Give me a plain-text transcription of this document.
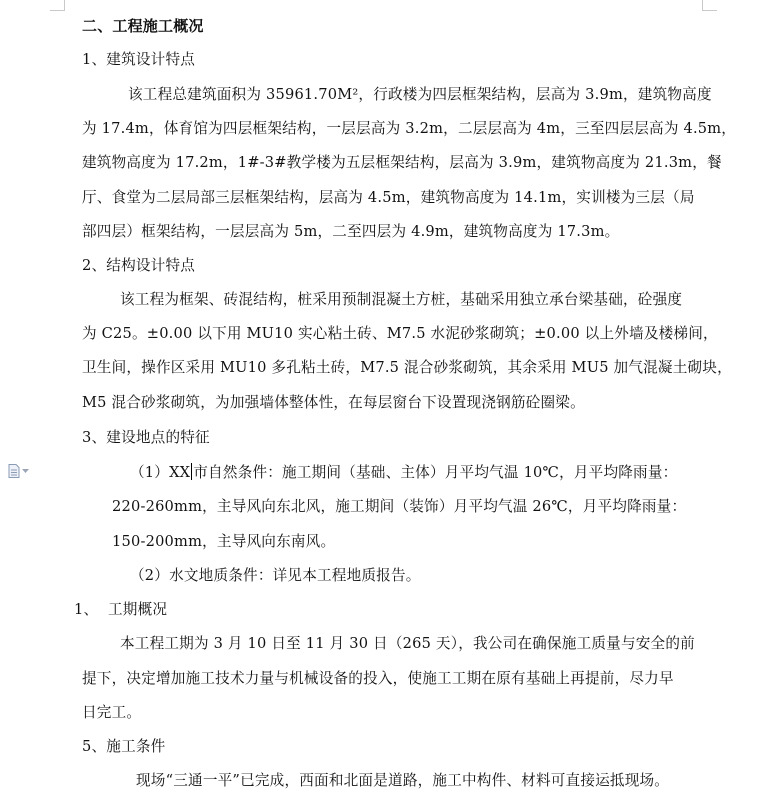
二、工程施工概况
1、建筑设计特点
该工程总建筑面积为 35961.70M²，行政楼为四层框架结构，层高为 3.9m，建筑物高度
为 17.4m，体育馆为四层框架结构，一层层高为 3.2m，二层层高为 4m，三至四层层高为 4.5m，
建筑物高度为 17.2m，1#-3#教学楼为五层框架结构，层高为 3.9m，建筑物高度为 21.3m，餐
厅、食堂为二层局部三层框架结构，层高为 4.5m，建筑物高度为 14.1m，实训楼为三层（局
部四层）框架结构，一层层高为 5m，二至四层为 4.9m，建筑物高度为 17.3m。
2、结构设计特点
该工程为框架、砖混结构，桩采用预制混凝土方桩，基础采用独立承台梁基础，砼强度
为 C25。±0.00 以下用 MU10 实心粘土砖、M7.5 水泥砂浆砌筑；±0.00 以上外墙及楼梯间，
卫生间，操作区采用 MU10 多孔粘土砖，M7.5 混合砂浆砌筑，其余采用 MU5 加气混凝土砌块，
M5 混合砂浆砌筑，为加强墙体整体性，在每层窗台下设置现浇钢筋砼圈梁。
3、建设地点的特征
（1）XX 市自然条件：施工期间（基础、主体）月平均气温 10℃，月平均降雨量：
220-260mm，主导风向东北风，施工期间（装饰）月平均气温 26℃，月平均降雨量：
150-200mm，主导风向东南风。
（2）水文地质条件：详见本工程地质报告。
1、 工期概况
本工程工期为 3 月 10 日至 11 月 30 日（265 天），我公司在确保施工质量与安全的前
提下，决定增加施工技术力量与机械设备的投入，使施工工期在原有基础上再提前，尽力早
日完工。
5、施工条件
现场“三通一平”已完成，西面和北面是道路，施工中构件、材料可直接运抵现场。
